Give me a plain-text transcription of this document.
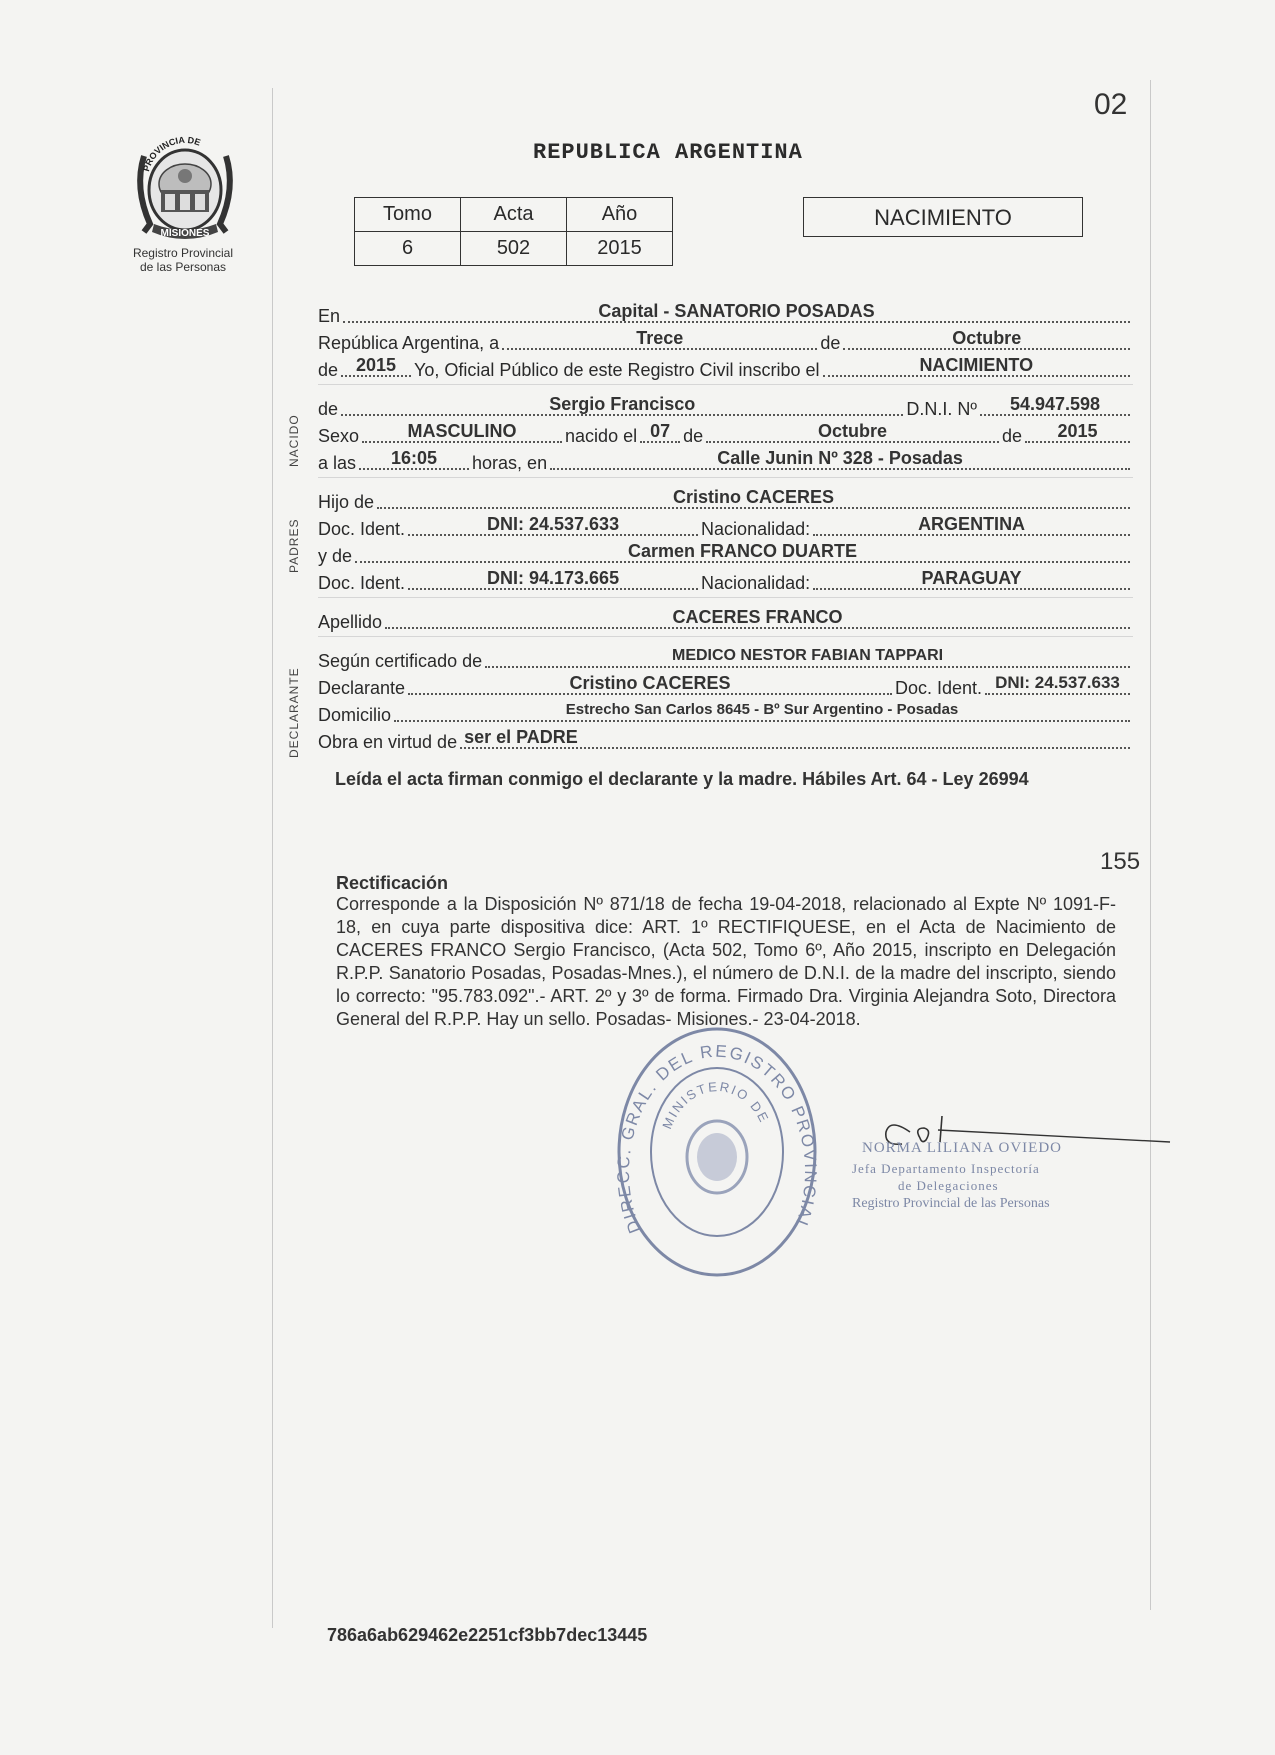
PROVINCIA DE
MISIONES
Registro Provincial
de las Personas
02
REPUBLICA ARGENTINA
Tomo	Acta	Año
6	502	2015
NACIMIENTO
NACIDO
PADRES
DECLARANTE
En	Capital - SANATORIO POSADAS
República Argentina, a	Trece	de	Octubre
de 2015 Yo, Oficial Público de este Registro Civil inscribo el	NACIMIENTO
de	Sergio Francisco	D.N.I. Nº	54.947.598
Sexo	MASCULINO	nacido el 07 de	Octubre	de	2015
a las	16:05	horas, en	Calle Junin Nº 328 - Posadas
Hijo de	Cristino CACERES
Doc. Ident.	DNI: 24.537.633	Nacionalidad:	ARGENTINA
y de	Carmen FRANCO DUARTE
Doc. Ident.	DNI: 94.173.665	Nacionalidad:	PARAGUAY
Apellido	CACERES FRANCO
Según certificado de	MEDICO NESTOR FABIAN TAPPARI
Declarante	Cristino CACERES	Doc. Ident. DNI: 24.537.633
Domicilio	Estrecho San Carlos 8645 - Bº Sur Argentino - Posadas
Obra en virtud de ser el PADRE
Leída el acta firman conmigo el declarante y la madre. Hábiles Art. 64 - Ley 26994
155
Rectificación
Corresponde a la Disposición Nº 871/18 de fecha 19-04-2018, relacionado al Expte Nº 1091-F-18, en cuya parte dispositiva dice: ART. 1º RECTIFIQUESE, en el Acta de Nacimiento de CACERES FRANCO Sergio Francisco, (Acta 502, Tomo 6º, Año 2015, inscripto en Delegación R.P.P. Sanatorio Posadas, Posadas-Mnes.), el número de D.N.I. de la madre del inscripto, siendo lo correcto: "95.783.092".- ART. 2º y 3º de forma. Firmado Dra. Virginia Alejandra Soto, Directora General del R.P.P. Hay un sello. Posadas- Misiones.- 23-04-2018.
DIRECC. GRAL. DEL REGISTRO PROVINCIAL
MINISTERIO DE
NORMA LILIANA OVIEDO
Jefa Departamento Inspectoría
de Delegaciones
Registro Provincial de las Personas
786a6ab629462e2251cf3bb7dec13445
